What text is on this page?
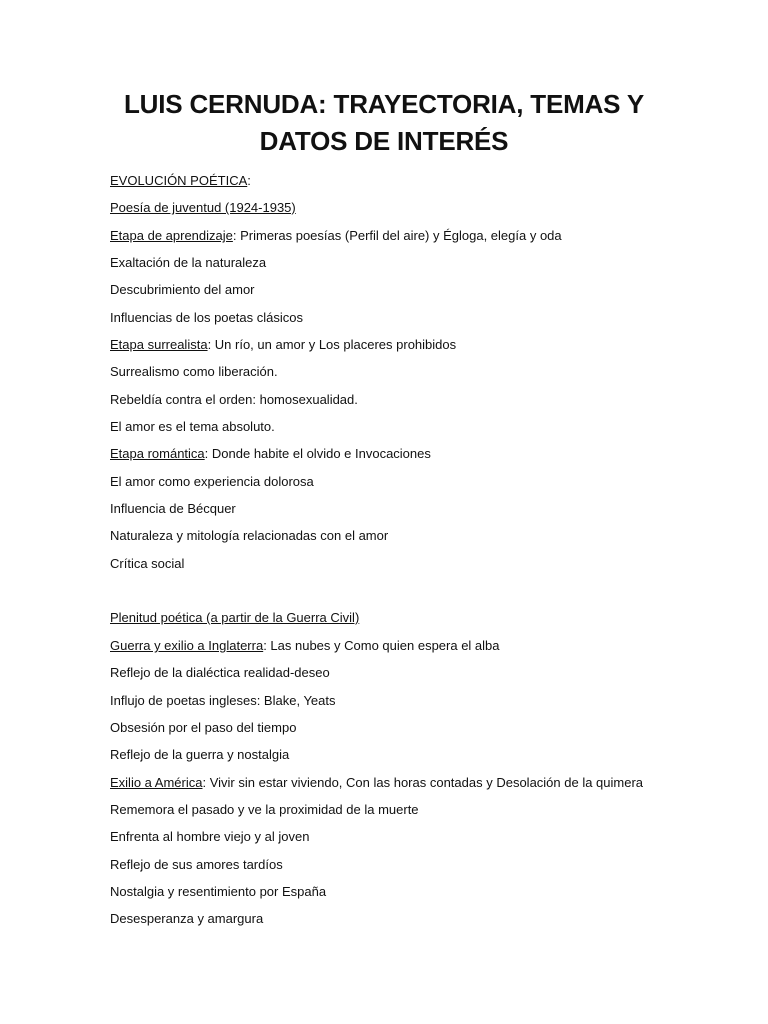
LUIS CERNUDA: TRAYECTORIA, TEMAS Y
DATOS DE INTERÉS
EVOLUCIÓN POÉTICA:
Poesía de juventud (1924-1935)
Etapa de aprendizaje: Primeras poesías (Perfil del aire) y Égloga, elegía y oda
Exaltación de la naturaleza
Descubrimiento del amor
Influencias de los poetas clásicos
Etapa surrealista: Un río, un amor y Los placeres prohibidos
Surrealismo como liberación.
Rebeldía contra el orden: homosexualidad.
El amor es el tema absoluto.
Etapa romántica: Donde habite el olvido e Invocaciones
El amor como experiencia dolorosa
Influencia de Bécquer
Naturaleza y mitología relacionadas con el amor
Crítica social
Plenitud poética (a partir de la Guerra Civil)
Guerra y exilio a Inglaterra: Las nubes y Como quien espera el alba
Reflejo de la dialéctica realidad-deseo
Influjo de poetas ingleses: Blake, Yeats
Obsesión por el paso del tiempo
Reflejo de la guerra y nostalgia
Exilio a América: Vivir sin estar viviendo, Con las horas contadas y Desolación de la quimera
Rememora el pasado y ve la proximidad de la muerte
Enfrenta al hombre viejo y al joven
Reflejo de sus amores tardíos
Nostalgia y resentimiento por España
Desesperanza y amargura
